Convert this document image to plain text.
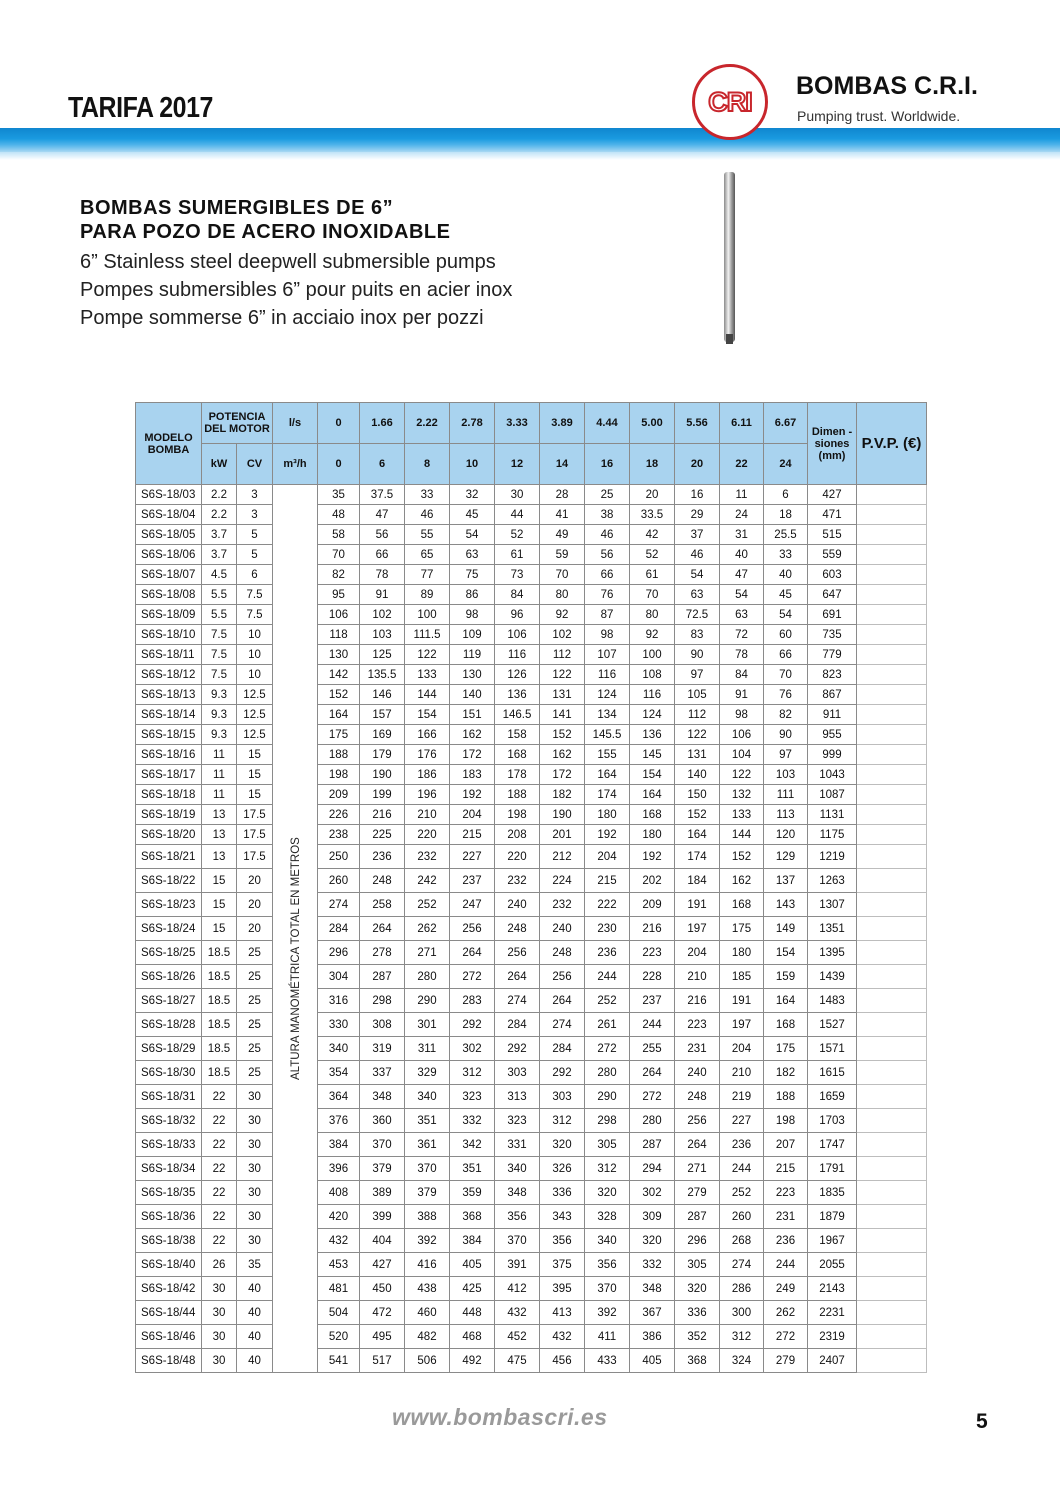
TARIFA 2017	CRI
BOMBAS C.R.I.
Pumping trust. Worldwide.
BOMBAS SUMERGIBLES DE 6”
PARA POZO DE ACERO INOXIDABLE
6” Stainless steel deepwell submersible pumps
Pompes submersibles 6” pour puits en acier inox
Pompe sommerse 6” in acciaio inox per pozzi
MODELO
BOMBA	POTENCIA DEL MOTOR		l/s	0	1.66	2.22	2.78	3.33	3.89	4.44	5.00	5.56	6.11	6.67	Dimen -siones (mm)	P.V.P. (€)
	kW	CV	m³/h	0	6	8	10	12	14	16	18	20	22	24		
S6S-18/03	2.2	3		35	37.5	33	32	30	28	25	20	16	11	6	427	
S6S-18/04	2.2	3		48	47	46	45	44	41	38	33.5	29	24	18	471	
S6S-18/05	3.7	5		58	56	55	54	52	49	46	42	37	31	25.5	515	
S6S-18/06	3.7	5		70	66	65	63	61	59	56	52	46	40	33	559	
S6S-18/07	4.5	6		82	78	77	75	73	70	66	61	54	47	40	603	
S6S-18/08	5.5	7.5		95	91	89	86	84	80	76	70	63	54	45	647	
S6S-18/09	5.5	7.5		106	102	100	98	96	92	87	80	72.5	63	54	691	
S6S-18/10	7.5	10		118	103	111.5	109	106	102	98	92	83	72	60	735	
S6S-18/11	7.5	10		130	125	122	119	116	112	107	100	90	78	66	779	
S6S-18/12	7.5	10		142	135.5	133	130	126	122	116	108	97	84	70	823	
S6S-18/13	9.3	12.5		152	146	144	140	136	131	124	116	105	91	76	867	
S6S-18/14	9.3	12.5		164	157	154	151	146.5	141	134	124	112	98	82	911	
S6S-18/15	9.3	12.5		175	169	166	162	158	152	145.5	136	122	106	90	955	
S6S-18/16	11	15		188	179	176	172	168	162	155	145	131	104	97	999	
S6S-18/17	11	15		198	190	186	183	178	172	164	154	140	122	103	1043	
S6S-18/18	11	15		209	199	196	192	188	182	174	164	150	132	111	1087	
S6S-18/19	13	17.5		226	216	210	204	198	190	180	168	152	133	113	1131	
S6S-18/20	13	17.5		238	225	220	215	208	201	192	180	164	144	120	1175	
S6S-18/21	13	17.5		250	236	232	227	220	212	204	192	174	152	129	1219	
S6S-18/22	15	20		260	248	242	237	232	224	215	202	184	162	137	1263	
S6S-18/23	15	20		274	258	252	247	240	232	222	209	191	168	143	1307	
S6S-18/24	15	20		284	264	262	256	248	240	230	216	197	175	149	1351	
S6S-18/25	18.5	25		296	278	271	264	256	248	236	223	204	180	154	1395	
S6S-18/26	18.5	25		304	287	280	272	264	256	244	228	210	185	159	1439	
S6S-18/27	18.5	25		316	298	290	283	274	264	252	237	216	191	164	1483	
S6S-18/28	18.5	25		330	308	301	292	284	274	261	244	223	197	168	1527	
S6S-18/29	18.5	25		340	319	311	302	292	284	272	255	231	204	175	1571	
S6S-18/30	18.5	25		354	337	329	312	303	292	280	264	240	210	182	1615	
S6S-18/31	22	30		364	348	340	323	313	303	290	272	248	219	188	1659	
S6S-18/32	22	30		376	360	351	332	323	312	298	280	256	227	198	1703	
S6S-18/33	22	30		384	370	361	342	331	320	305	287	264	236	207	1747	
S6S-18/34	22	30		396	379	370	351	340	326	312	294	271	244	215	1791	
S6S-18/35	22	30		408	389	379	359	348	336	320	302	279	252	223	1835	
S6S-18/36	22	30		420	399	388	368	356	343	328	309	287	260	231	1879	
S6S-18/38	22	30		432	404	392	384	370	356	340	320	296	268	236	1967	
S6S-18/40	26	35		453	427	416	405	391	375	356	332	305	274	244	2055	
S6S-18/42	30	40		481	450	438	425	412	395	370	348	320	286	249	2143	
S6S-18/44	30	40		504	472	460	448	432	413	392	367	336	300	262	2231	
S6S-18/46	30	40		520	495	482	468	452	432	411	386	352	312	272	2319	
S6S-18/48	30	40		541	517	506	492	475	456	433	405	368	324	279	2407	
ALTURA MANOMÉTRICA TOTAL EN METROS
www.bombascri.es	5
